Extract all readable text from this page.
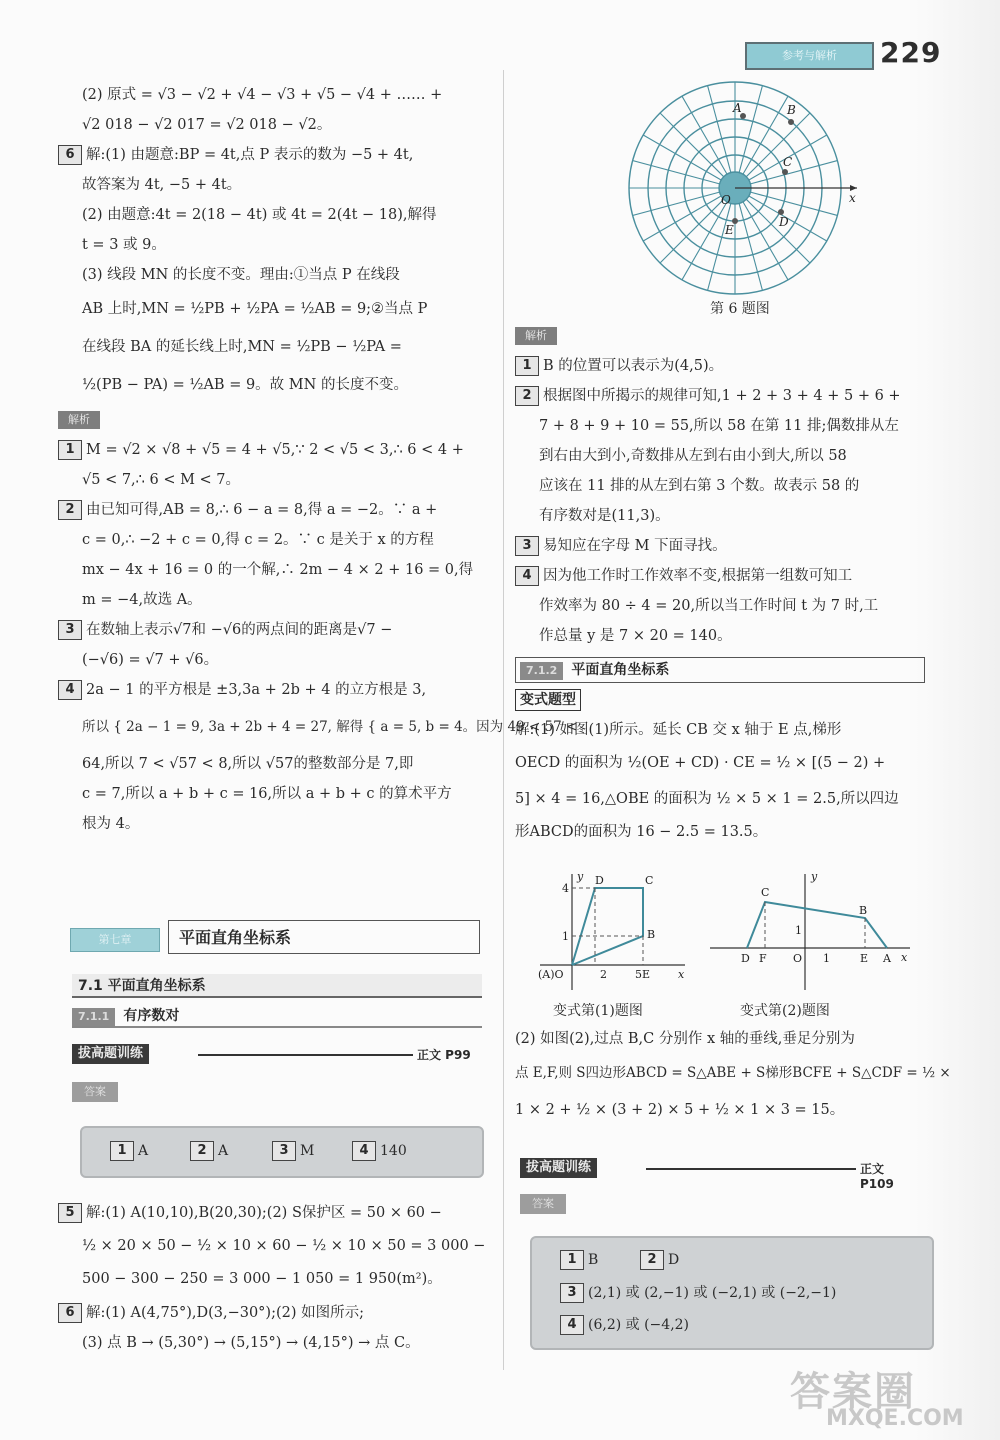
参考与解析	229

(2) 原式 = √3 − √2 + √4 − √3 + √5 − √4 + …… +

√2 018 − √2 017 = √2 018 − √2。

6 解:(1) 由题意:BP = 4t,点 P 表示的数为 −5 + 4t,

故答案为 4t, −5 + 4t。

(2) 由题意:4t = 2(18 − 4t) 或 4t = 2(4t − 18),解得

t = 3 或 9。

(3) 线段 MN 的长度不变。理由:①当点 P 在线段

AB 上时,MN = ½PB + ½PA = ½AB = 9;②当点 P

在线段 BA 的延长线上时,MN = ½PB − ½PA =

½(PB − PA) = ½AB = 9。故 MN 的长度不变。

解析

1 M = √2 × √8 + √5 = 4 + √5,∵ 2 < √5 < 3,∴ 6 < 4 +

√5 < 7,∴ 6 < M < 7。

2 由已知可得,AB = 8,∴ 6 − a = 8,得 a = −2。∵ a +

c = 0,∴ −2 + c = 0,得 c = 2。∵ c 是关于 x 的方程

mx − 4x + 16 = 0 的一个解,∴ 2m − 4 × 2 + 16 = 0,得

m = −4,故选 A。

3 在数轴上表示√7和 −√6的两点间的距离是√7 −

(−√6) = √7 + √6。

4 2a − 1 的平方根是 ±3,3a + 2b + 4 的立方根是 3,

所以 { 2a − 1 = 9, 3a + 2b + 4 = 27, 解得 { a = 5, b = 4。因为 49 < 57 <

64,所以 7 < √57 < 8,所以 √57的整数部分是 7,即

c = 7,所以 a + b + c = 16,所以 a + b + c 的算术平方

根为 4。

第七章	平面直角坐标系
7.1 平面直角坐标系
7.1.1 有序数对
拔高题训练	正文 P99
答案
1 A	2 A	3 M	4 140

5 解:(1) A(10,10),B(20,30);(2) S保护区 = 50 × 60 −

½ × 20 × 50 − ½ × 10 × 60 − ½ × 10 × 50 = 3 000 −

500 − 300 − 250 = 3 000 − 1 050 = 1 950(m²)。

6 解:(1) A(4,75°),D(3,−30°);(2) 如图所示;

(3) 点 B → (5,30°) → (5,15°) → (4,15°) → 点 C。

A	B
C
D
E
O	x
第 6 题图
解析

1 B 的位置可以表示为(4,5)。

2 根据图中所揭示的规律可知,1 + 2 + 3 + 4 + 5 + 6 +

7 + 8 + 9 + 10 = 55,所以 58 在第 11 排;偶数排从左

到右由大到小,奇数排从左到右由小到大,所以 58

应该在 11 排的从左到右第 3 个数。故表示 58 的

有序数对是(11,3)。

3 易知应在字母 M 下面寻找。

4 因为他工作时工作效率不变,根据第一组数可知工

作效率为 80 ÷ 4 = 20,所以当工作时间 t 为 7 时,工

作总量 y 是 7 × 20 = 140。

7.1.2 平面直角坐标系
变式题型

解:(1) 如图(1)所示。延长 CB 交 x 轴于 E 点,梯形

OECD 的面积为 ½(OE + CD) · CE = ½ × [(5 − 2) +

5] × 4 = 16,△OBE 的面积为 ½ × 5 × 1 = 2.5,所以四边

形ABCD的面积为 16 − 2.5 = 13.5。

y
x
4
1
2	5E
(A)O
D	C
B
y
x
C
B
D F O 1
1
E A
变式第(1)题图	变式第(2)题图

(2) 如图(2),过点 B,C 分别作 x 轴的垂线,垂足分别为

点 E,F,则 S四边形ABCD = S△ABE + S梯形BCFE + S△CDF = ½ ×

1 × 2 + ½ × (3 + 2) × 5 + ½ × 1 × 3 = 15。

拔高题训练	正文 P109
答案
1 B	2 D
3 (2,1) 或 (2,−1) 或 (−2,1) 或 (−2,−1)
4 (6,2) 或 (−4,2)
答案圈
MXQE.COM
